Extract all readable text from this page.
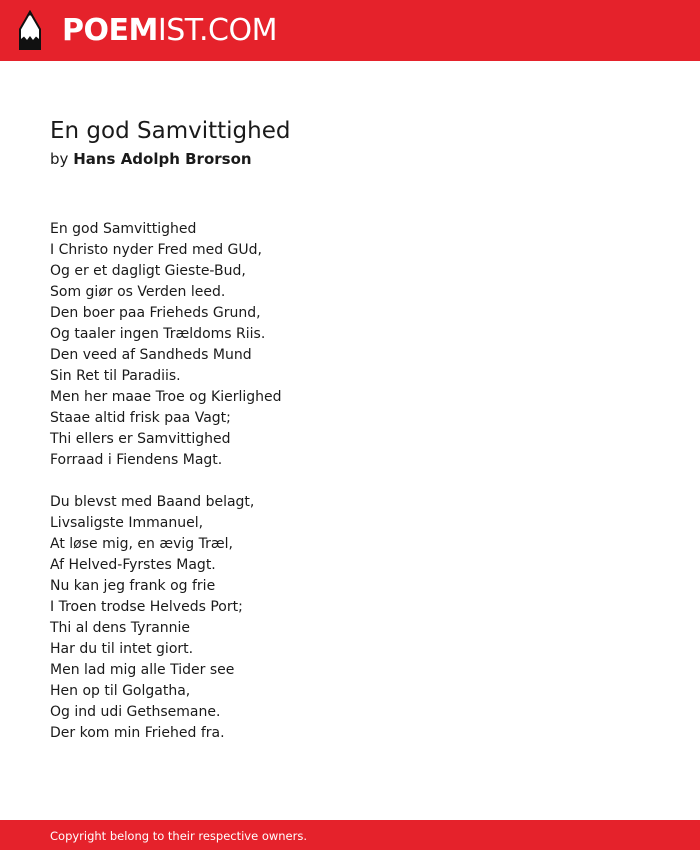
POEMIST.COM
En god Samvittighed
by Hans Adolph Brorson
En god Samvittighed
I Christo nyder Fred med GUd,
Og er et dagligt Gieste-Bud,
Som giør os Verden leed.
Den boer paa Frieheds Grund,
Og taaler ingen Trældoms Riis.
Den veed af Sandheds Mund
Sin Ret til Paradiis.
Men her maae Troe og Kierlighed
Staae altid frisk paa Vagt;
Thi ellers er Samvittighed
Forraad i Fiendens Magt.
Du blevst med Baand belagt,
Livsaligste Immanuel,
At løse mig, en ævig Træl,
Af Helved-Fyrstes Magt.
Nu kan jeg frank og frie
I Troen trodse Helveds Port;
Thi al dens Tyrannie
Har du til intet giort.
Men lad mig alle Tider see
Hen op til Golgatha,
Og ind udi Gethsemane.
Der kom min Friehed fra.
Copyright belong to their respective owners.
